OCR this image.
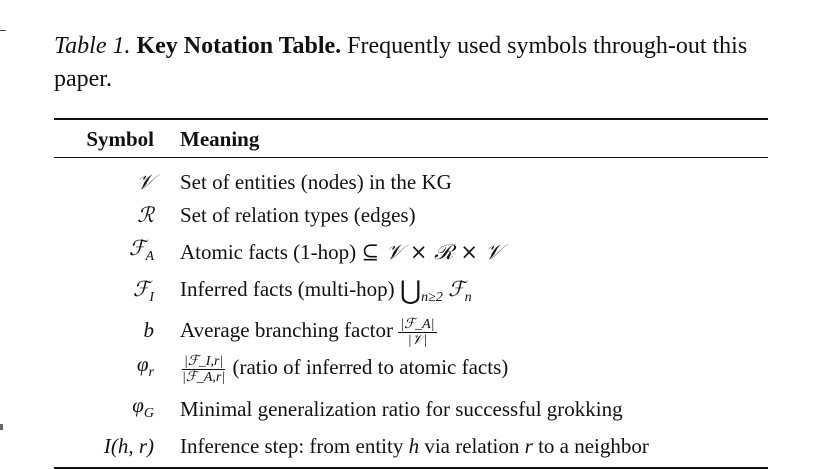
Table 1. Key Notation Table. Frequently used symbols through-out this paper.
Symbol	Meaning
𝒱	Set of entities (nodes) in the KG
ℛ	Set of relation types (edges)
ℱ$_A$	Atomic facts (1-hop) ⊆ 𝒱 × ℛ × 𝒱
ℱ$_I$	Inferred facts (multi-hop) $⋃_{n\ge 2}$ ℱ$_n$
b	Average branching factor $\frac{\text{|ℱ\_A|}}{\text{|𝒱|}}$

$\varphi_r$	$\frac{\text{|ℱ\_I,r|}}{\text{|ℱ\_A,r|}}$ (ratio of inferred to atomic facts)
$\varphi_G$	Minimal generalization ratio for successful grokking
I(h, r)	Inference step: from entity h via relation r to a neighbor
